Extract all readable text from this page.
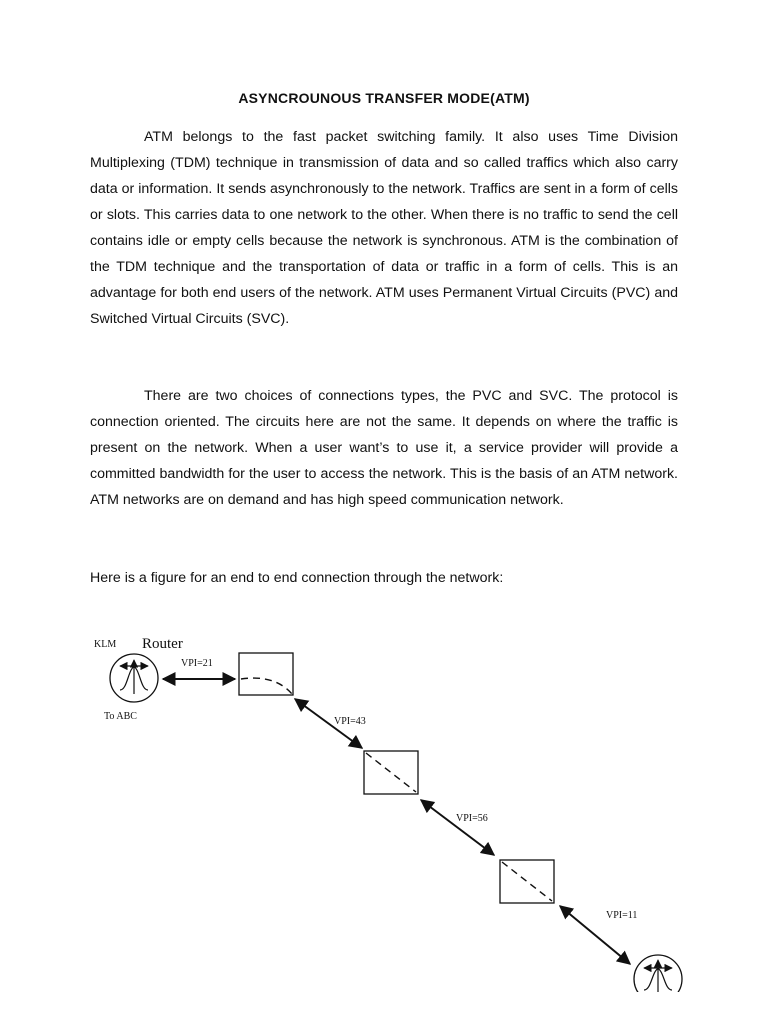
ASYNCROUNOUS TRANSFER MODE(ATM)

ATM belongs to the fast packet switching family. It also uses Time Division Multiplexing (TDM) technique in transmission of data and so called traffics which also carry data or information. It sends asynchronously to the network. Traffics are sent in a form of cells or slots. This carries data to one network to the other. When there is no traffic to send the cell contains idle or empty cells because the network is synchronous. ATM is the combination of the TDM technique and the transportation of data or traffic in a form of cells. This is an advantage for both end users of the network. ATM uses Permanent Virtual Circuits (PVC) and Switched Virtual Circuits (SVC).

There are two choices of connections types, the PVC and SVC. The protocol is connection oriented. The circuits here are not the same. It depends on where the traffic is present on the network. When a user want’s to use it, a service provider will provide a committed bandwidth for the user to access the network. This is the basis of an ATM network. ATM networks are on demand and has high speed communication network.

Here is a figure for an end to end connection through the network:

Router
KLM
To ABC
VPI=21
VPI=43
VPI=56
VPI=11
